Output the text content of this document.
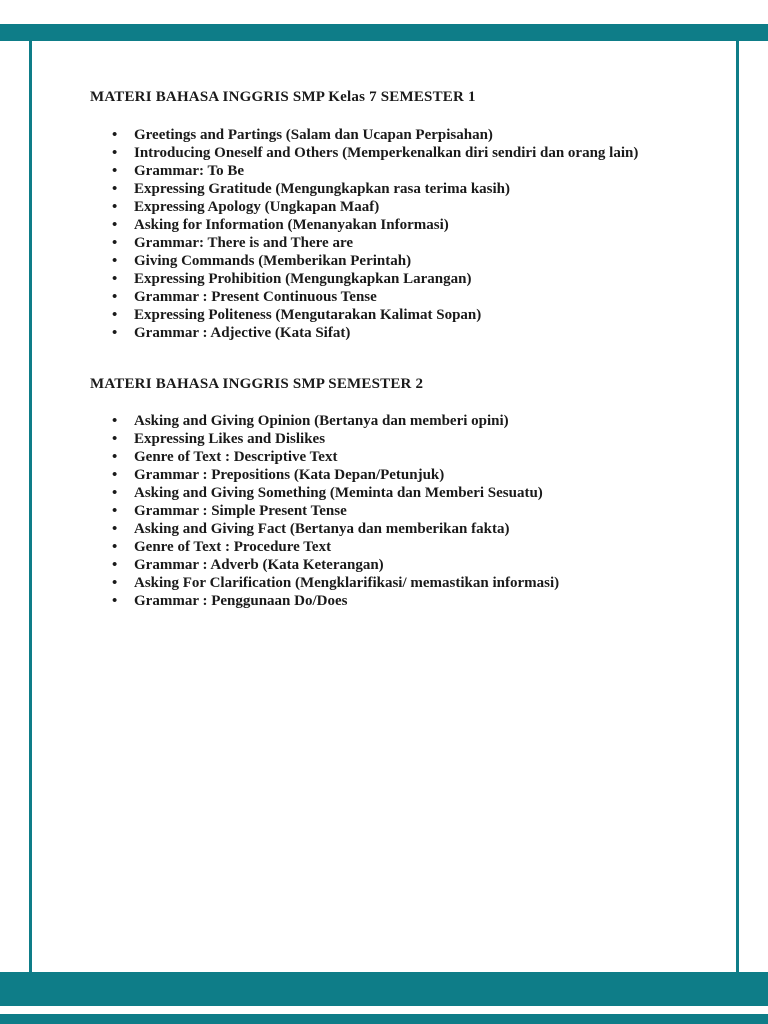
MATERI BAHASA INGGRIS SMP Kelas 7 SEMESTER 1
• Greetings and Partings (Salam dan Ucapan Perpisahan)
• Introducing Oneself and Others (Memperkenalkan diri sendiri dan orang lain)
• Grammar: To Be
• Expressing Gratitude (Mengungkapkan rasa terima kasih)
• Expressing Apology (Ungkapan Maaf)
• Asking for Information (Menanyakan Informasi)
• Grammar: There is and There are
• Giving Commands (Memberikan Perintah)
• Expressing Prohibition (Mengungkapkan Larangan)
• Grammar : Present Continuous Tense
• Expressing Politeness (Mengutarakan Kalimat Sopan)
• Grammar : Adjective (Kata Sifat)
MATERI BAHASA INGGRIS SMP SEMESTER 2
• Asking and Giving Opinion (Bertanya dan memberi opini)
• Expressing Likes and Dislikes
• Genre of Text : Descriptive Text
• Grammar : Prepositions (Kata Depan/Petunjuk)
• Asking and Giving Something (Meminta dan Memberi Sesuatu)
• Grammar : Simple Present Tense
• Asking and Giving Fact (Bertanya dan memberikan fakta)
• Genre of Text : Procedure Text
• Grammar : Adverb (Kata Keterangan)
• Asking For Clarification (Mengklarifikasi/ memastikan informasi)
• Grammar : Penggunaan Do/Does
